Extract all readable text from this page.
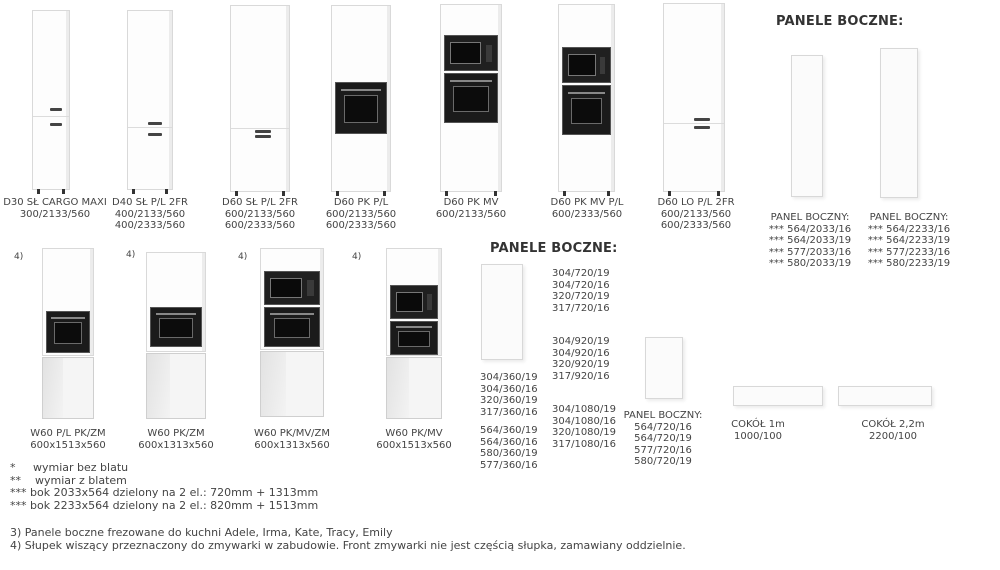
D30 SŁ CARGO MAXI
300/2133/560
D40 SŁ P/L 2FR
400/2133/560
400/2333/560
D60 SŁ P/L 2FR
600/2133/560
600/2333/560
D60 PK P/L
600/2133/560
600/2333/560
D60 PK MV
600/2133/560
D60 PK MV P/L
600/2333/560
D60 LO P/L 2FR
600/2133/560
600/2333/560
PANELE BOCZNE:
PANEL BOCZNY:
*** 564/2033/16
*** 564/2033/19
*** 577/2033/16
*** 580/2033/19
PANEL BOCZNY:
*** 564/2233/16
*** 564/2233/19
*** 577/2233/16
*** 580/2233/19
4)
W60 P/L PK/ZM
600x1513x560
4)
W60 PK/ZM
600x1313x560
4)
W60 PK/MV/ZM
600x1313x560
4)
W60 PK/MV
600x1513x560
PANELE BOCZNE:
304/360/19
304/360/16
320/360/19
317/360/16
564/360/19
564/360/16
580/360/19
577/360/16
304/720/19
304/720/16
320/720/19
317/720/16
304/920/19
304/920/16
320/920/19
317/920/16
304/1080/19
304/1080/16
320/1080/19
317/1080/16
PANEL BOCZNY:
564/720/16
564/720/19
577/720/16
580/720/19
COKÓŁ 1m
1000/100
COKÓŁ 2,2m
2200/100
*     wymiar bez blatu
**    wymiar z blatem
*** bok 2033x564 dzielony na 2 el.: 720mm + 1313mm
*** bok 2233x564 dzielony na 2 el.: 820mm + 1513mm
3) Panele boczne frezowane do kuchni Adele, Irma, Kate, Tracy, Emily
4) Słupek wiszący przeznaczony do zmywarki w zabudowie. Front zmywarki nie jest częścią słupka, zamawiany oddzielnie.
